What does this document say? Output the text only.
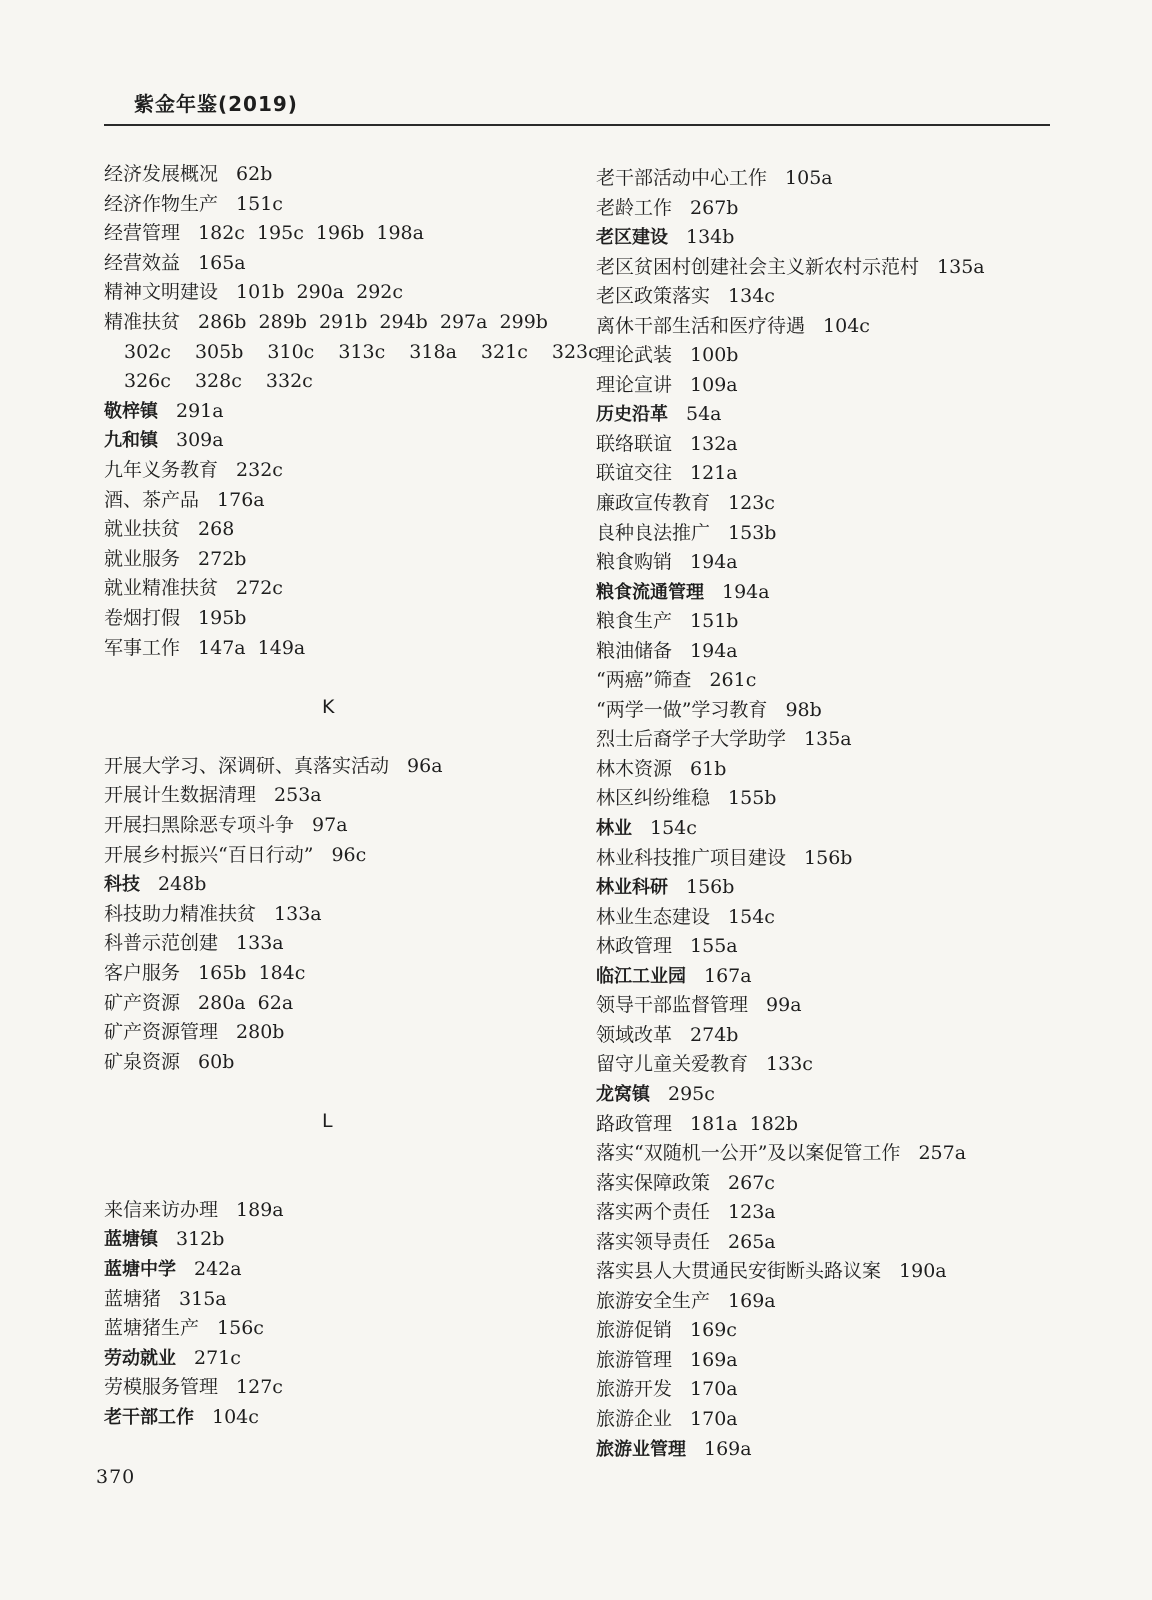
紫金年鉴(2019)
经济发展概况 62b
经济作物生产 151c
经营管理 182c 195c 196b 198a
经营效益 165a
精神文明建设 101b 290a 292c
精准扶贫 286b 289b 291b 294b 297a 299b
302c 305b 310c 313c 318a 321c 323c
326c 328c 332c
敬梓镇 291a
九和镇 309a
九年义务教育 232c
酒、茶产品 176a
就业扶贫 268
就业服务 272b
就业精准扶贫 272c
卷烟打假 195b
军事工作 147a 149a
K
开展大学习、深调研、真落实活动 96a
开展计生数据清理 253a
开展扫黑除恶专项斗争 97a
开展乡村振兴“百日行动” 96c
科技 248b
科技助力精准扶贫 133a
科普示范创建 133a
客户服务 165b 184c
矿产资源 280a 62a
矿产资源管理 280b
矿泉资源 60b
L
来信来访办理 189a
蓝塘镇 312b
蓝塘中学 242a
蓝塘猪 315a
蓝塘猪生产 156c
劳动就业 271c
劳模服务管理 127c
老干部工作 104c
老干部活动中心工作 105a
老龄工作 267b
老区建设 134b
老区贫困村创建社会主义新农村示范村 135a
老区政策落实 134c
离休干部生活和医疗待遇 104c
理论武装 100b
理论宣讲 109a
历史沿革 54a
联络联谊 132a
联谊交往 121a
廉政宣传教育 123c
良种良法推广 153b
粮食购销 194a
粮食流通管理 194a
粮食生产 151b
粮油储备 194a
“两癌”筛查 261c
“两学一做”学习教育 98b
烈士后裔学子大学助学 135a
林木资源 61b
林区纠纷维稳 155b
林业 154c
林业科技推广项目建设 156b
林业科研 156b
林业生态建设 154c
林政管理 155a
临江工业园 167a
领导干部监督管理 99a
领域改革 274b
留守儿童关爱教育 133c
龙窝镇 295c
路政管理 181a 182b
落实“双随机一公开”及以案促管工作 257a
落实保障政策 267c
落实两个责任 123a
落实领导责任 265a
落实县人大贯通民安街断头路议案 190a
旅游安全生产 169a
旅游促销 169c
旅游管理 169a
旅游开发 170a
旅游企业 170a
旅游业管理 169a
370
